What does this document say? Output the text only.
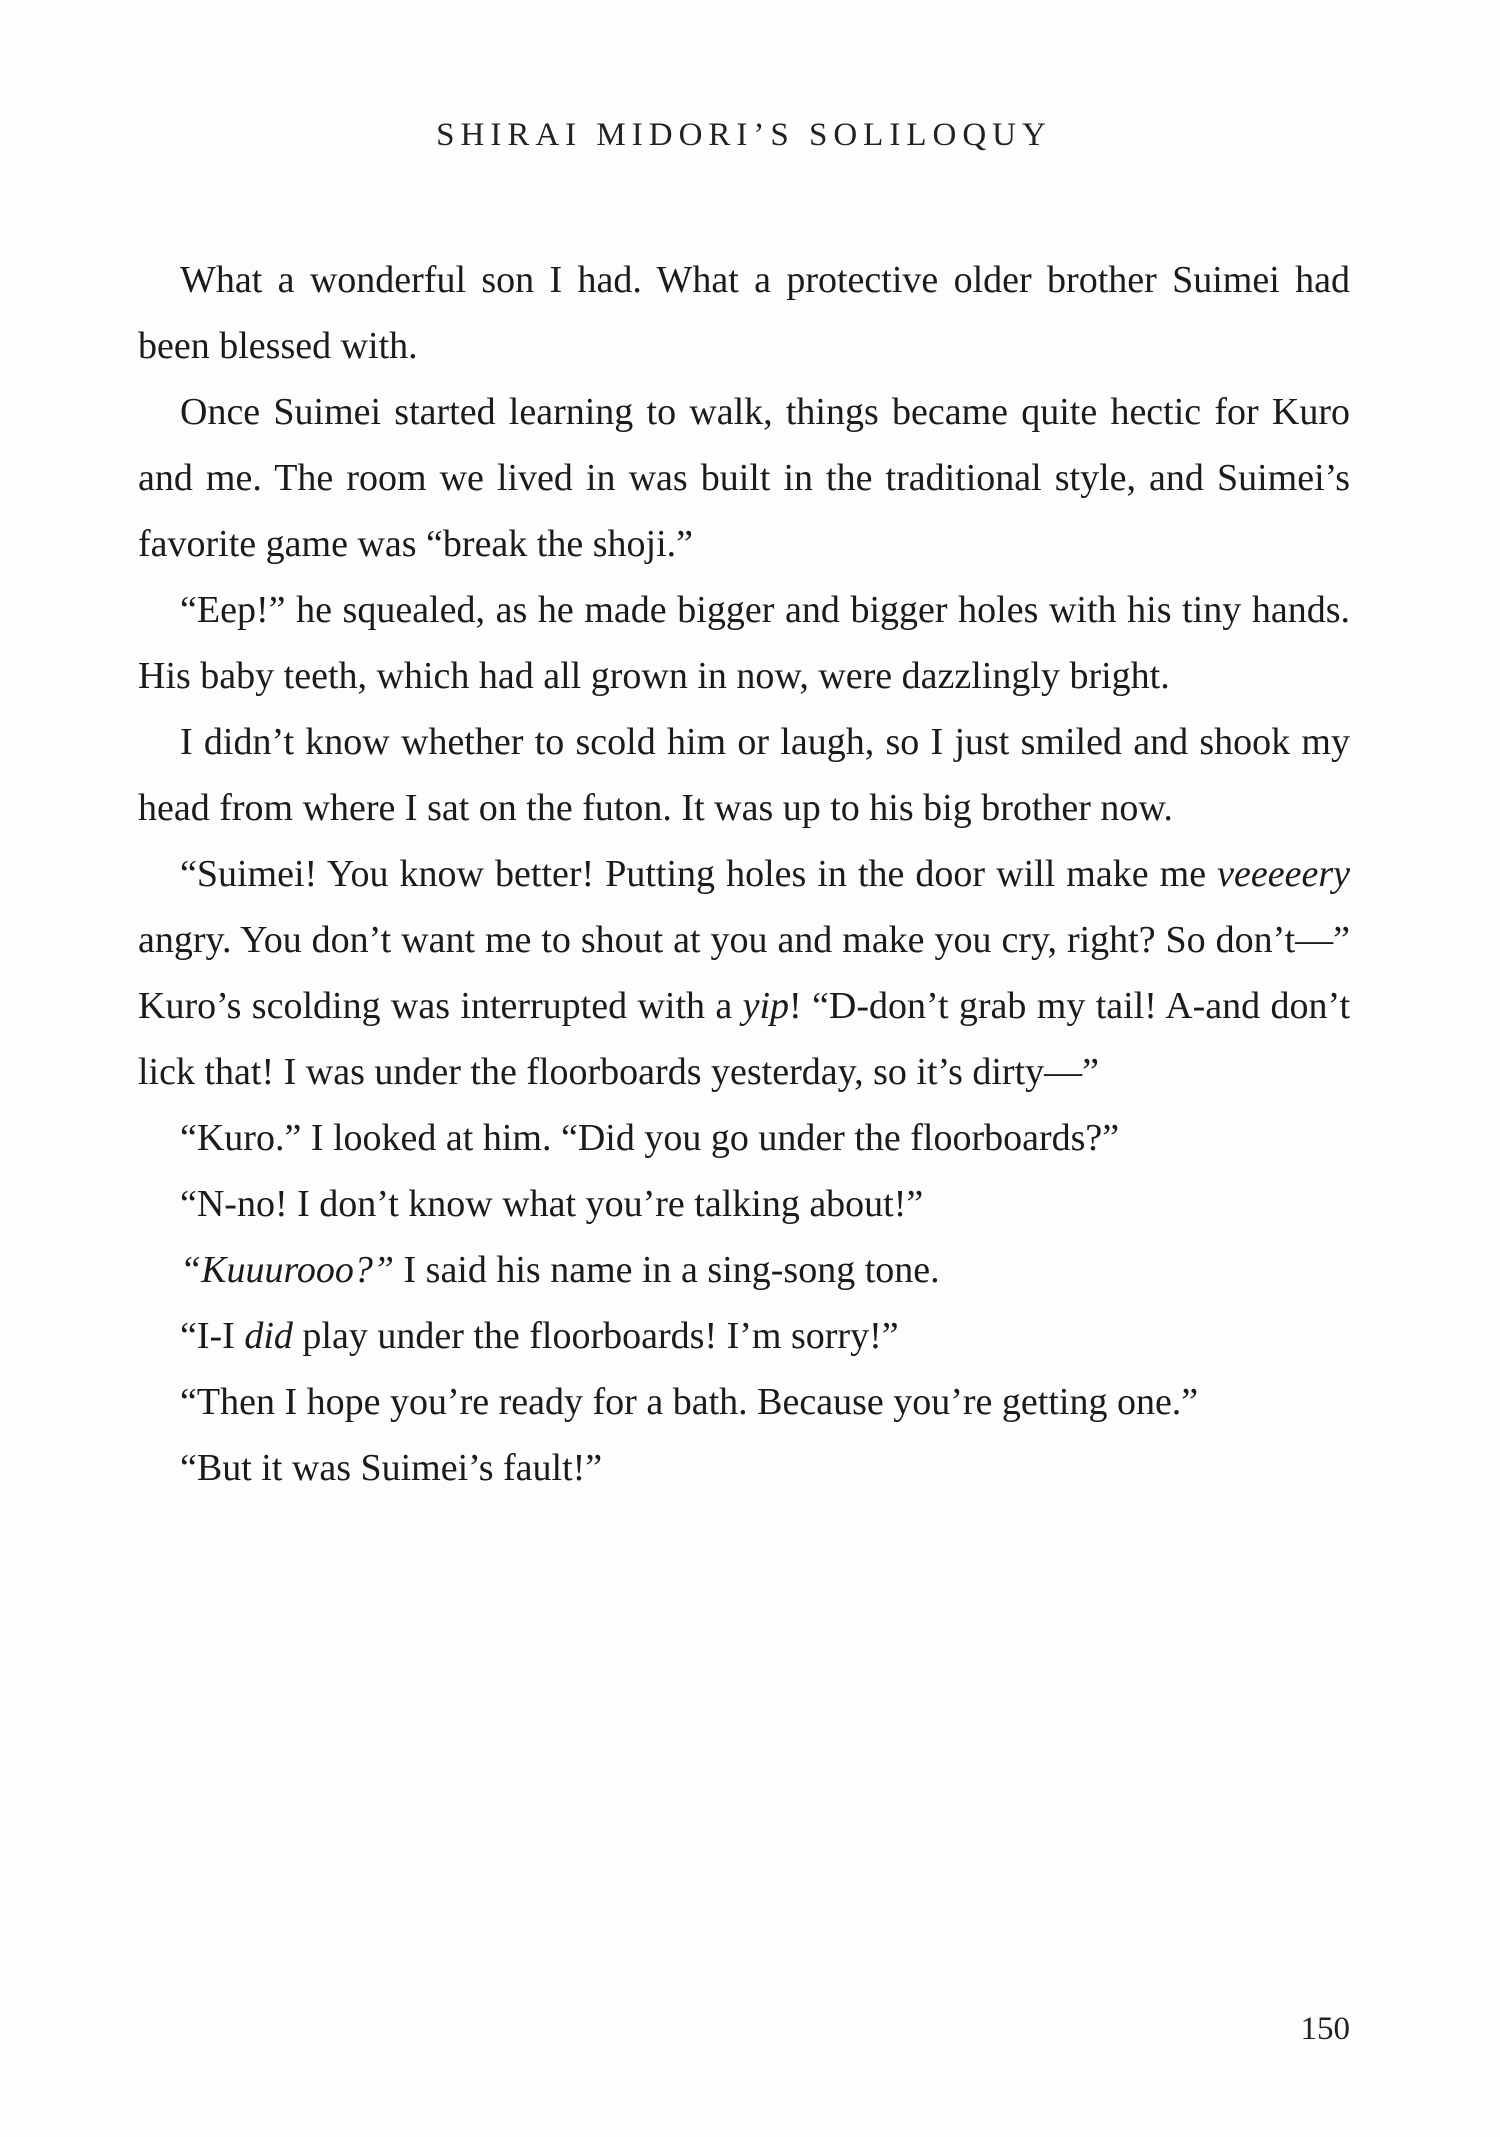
SHIRAI MIDORI’S SOLILOQUY

What a wonderful son I had. What a protective older brother Suimei had been blessed with.

Once Suimei started learning to walk, things became quite hectic for Kuro and me. The room we lived in was built in the traditional style, and Suimei’s favorite game was “break the shoji.”

“Eep!” he squealed, as he made bigger and bigger holes with his tiny hands. His baby teeth, which had all grown in now, were dazzlingly bright.

I didn’t know whether to scold him or laugh, so I just smiled and shook my head from where I sat on the futon. It was up to his big brother now.

“Suimei! You know better! Putting holes in the door will make me veeeeery angry. You don’t want me to shout at you and make you cry, right? So don’t—” Kuro’s scolding was interrupted with a yip! “D-don’t grab my tail! A-and don’t lick that! I was under the floorboards yesterday, so it’s dirty—”

“Kuro.” I looked at him. “Did you go under the floorboards?”

“N-no! I don’t know what you’re talking about!”

“Kuuurooo?” I said his name in a sing-song tone.

“I-I did play under the floorboards! I’m sorry!”

“Then I hope you’re ready for a bath. Because you’re getting one.”

“But it was Suimei’s fault!”

150
